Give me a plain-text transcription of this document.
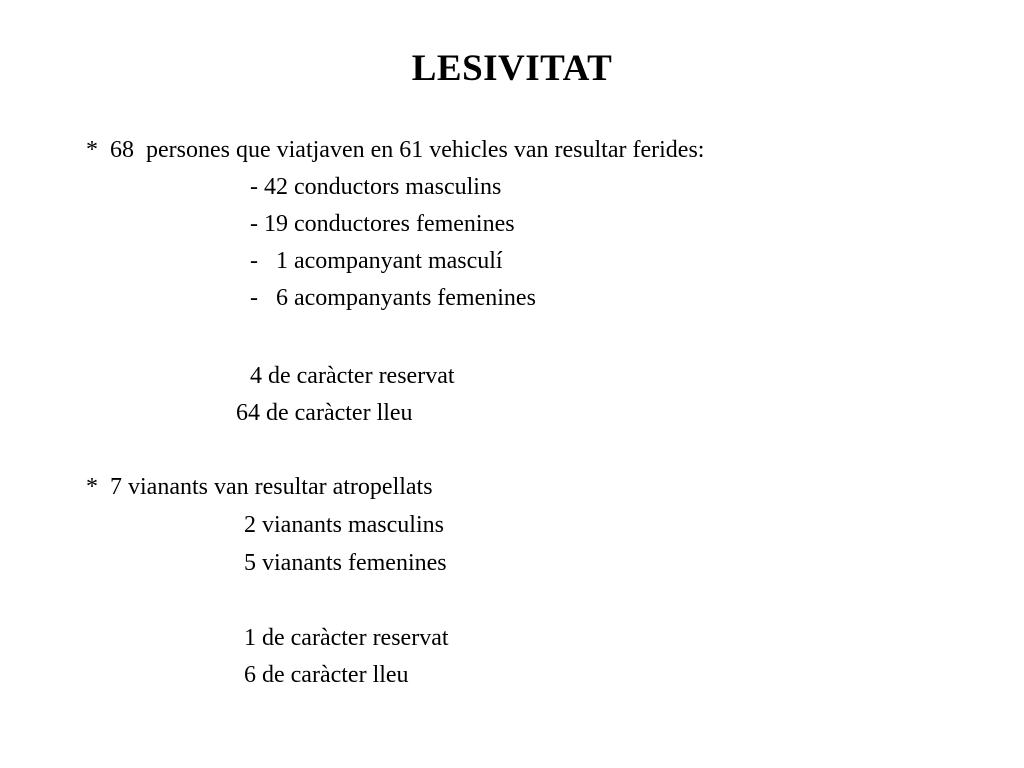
LESIVITAT
*  68  persones que viatjaven en 61 vehicles van resultar ferides:
- 42 conductors masculins
- 19 conductores femenines
-   1 acompanyant masculí
-   6 acompanyants femenines
4 de caràcter reservat
64 de caràcter lleu
*  7 vianants van resultar atropellats
2 vianants masculins
5 vianants femenines
1 de caràcter reservat
6 de caràcter lleu
